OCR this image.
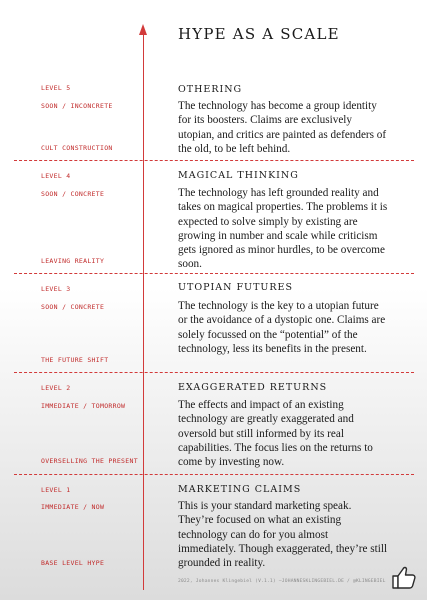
HYPE AS A SCALE
LEVEL 5
SOON / INCONCRETE
CULT CONSTRUCTION
OTHERING

The technology has become a group identity for its boosters. Claims are exclusively utopian, and critics are painted as defenders of the old, to be left behind.

LEVEL 4
SOON / CONCRETE
LEAVING REALITY
MAGICAL THINKING

The technology has left grounded reality and takes on magical properties. The problems it is expected to solve simply by existing are growing in number and scale while criticism gets ignored as minor hurdles, to be overcome soon.

LEVEL 3
SOON / CONCRETE
THE FUTURE SHIFT
UTOPIAN FUTURES

The technology is the key to a utopian future or the avoidance of a dystopic one. Claims are solely focussed on the “potential” of the technology, less its benefits in the present.

LEVEL 2
IMMEDIATE / TOMORROW
OVERSELLING THE PRESENT
EXAGGERATED RETURNS

The effects and impact of an existing technology are greatly exaggerated and oversold but still informed by its real capabilities. The focus lies on the returns to come by investing now.

LEVEL 1
IMMEDIATE / NOW
BASE LEVEL HYPE
MARKETING CLAIMS

This is your standard marketing speak. They’re focused on what an existing technology can do for you almost immediately. Though exaggerated, they’re still grounded in reality.

2022, Johannes Klingebiel (V.1.1) —JOHANNESKLINGEBIEL.DE / @KLINGEBIEL
